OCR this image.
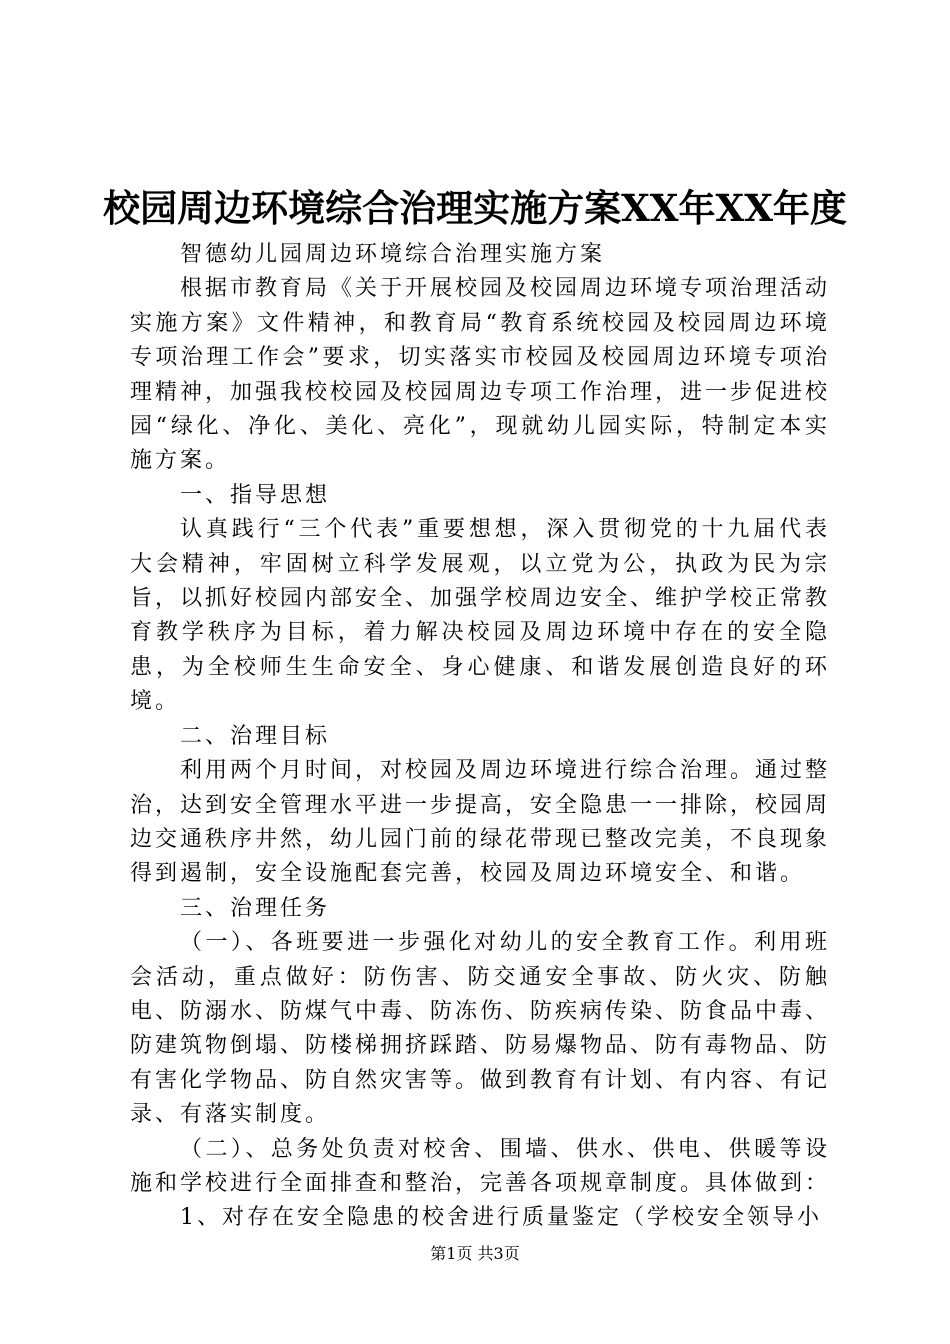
校园周边环境综合治理实施方案XX年XX年度

智德幼儿园周边环境综合治理实施方案

根据市教育局《关于开展校园及校园周边环境专项治理活动实施方案》文件精神，和教育局“教育系统校园及校园周边环境专项治理工作会”要求，切实落实市校园及校园周边环境专项治理精神，加强我校校园及校园周边专项工作治理，进一步促进校园“绿化、净化、美化、亮化”，现就幼儿园实际，特制定本实施方案。

一、指导思想

认真践行“三个代表”重要想想，深入贯彻党的十九届代表大会精神，牢固树立科学发展观，以立党为公，执政为民为宗旨，以抓好校园内部安全、加强学校周边安全、维护学校正常教育教学秩序为目标，着力解决校园及周边环境中存在的安全隐患，为全校师生生命安全、身心健康、和谐发展创造良好的环境。

二、治理目标

利用两个月时间，对校园及周边环境进行综合治理。通过整治，达到安全管理水平进一步提高，安全隐患一一排除，校园周边交通秩序井然，幼儿园门前的绿花带现已整改完美，不良现象得到遏制，安全设施配套完善，校园及周边环境安全、和谐。

三、治理任务

（一）、各班要进一步强化对幼儿的安全教育工作。利用班会活动，重点做好：防伤害、防交通安全事故、防火灾、防触电、防溺水、防煤气中毒、防冻伤、防疾病传染、防食品中毒、防建筑物倒塌、防楼梯拥挤踩踏、防易爆物品、防有毒物品、防有害化学物品、防自然灾害等。做到教育有计划、有内容、有记录、有落实制度。

（二）、总务处负责对校舍、围墙、供水、供电、供暖等设施和学校进行全面排查和整治，完善各项规章制度。具体做到：

1、对存在安全隐患的校舍进行质量鉴定（学校安全领导小

第1页 共3页
